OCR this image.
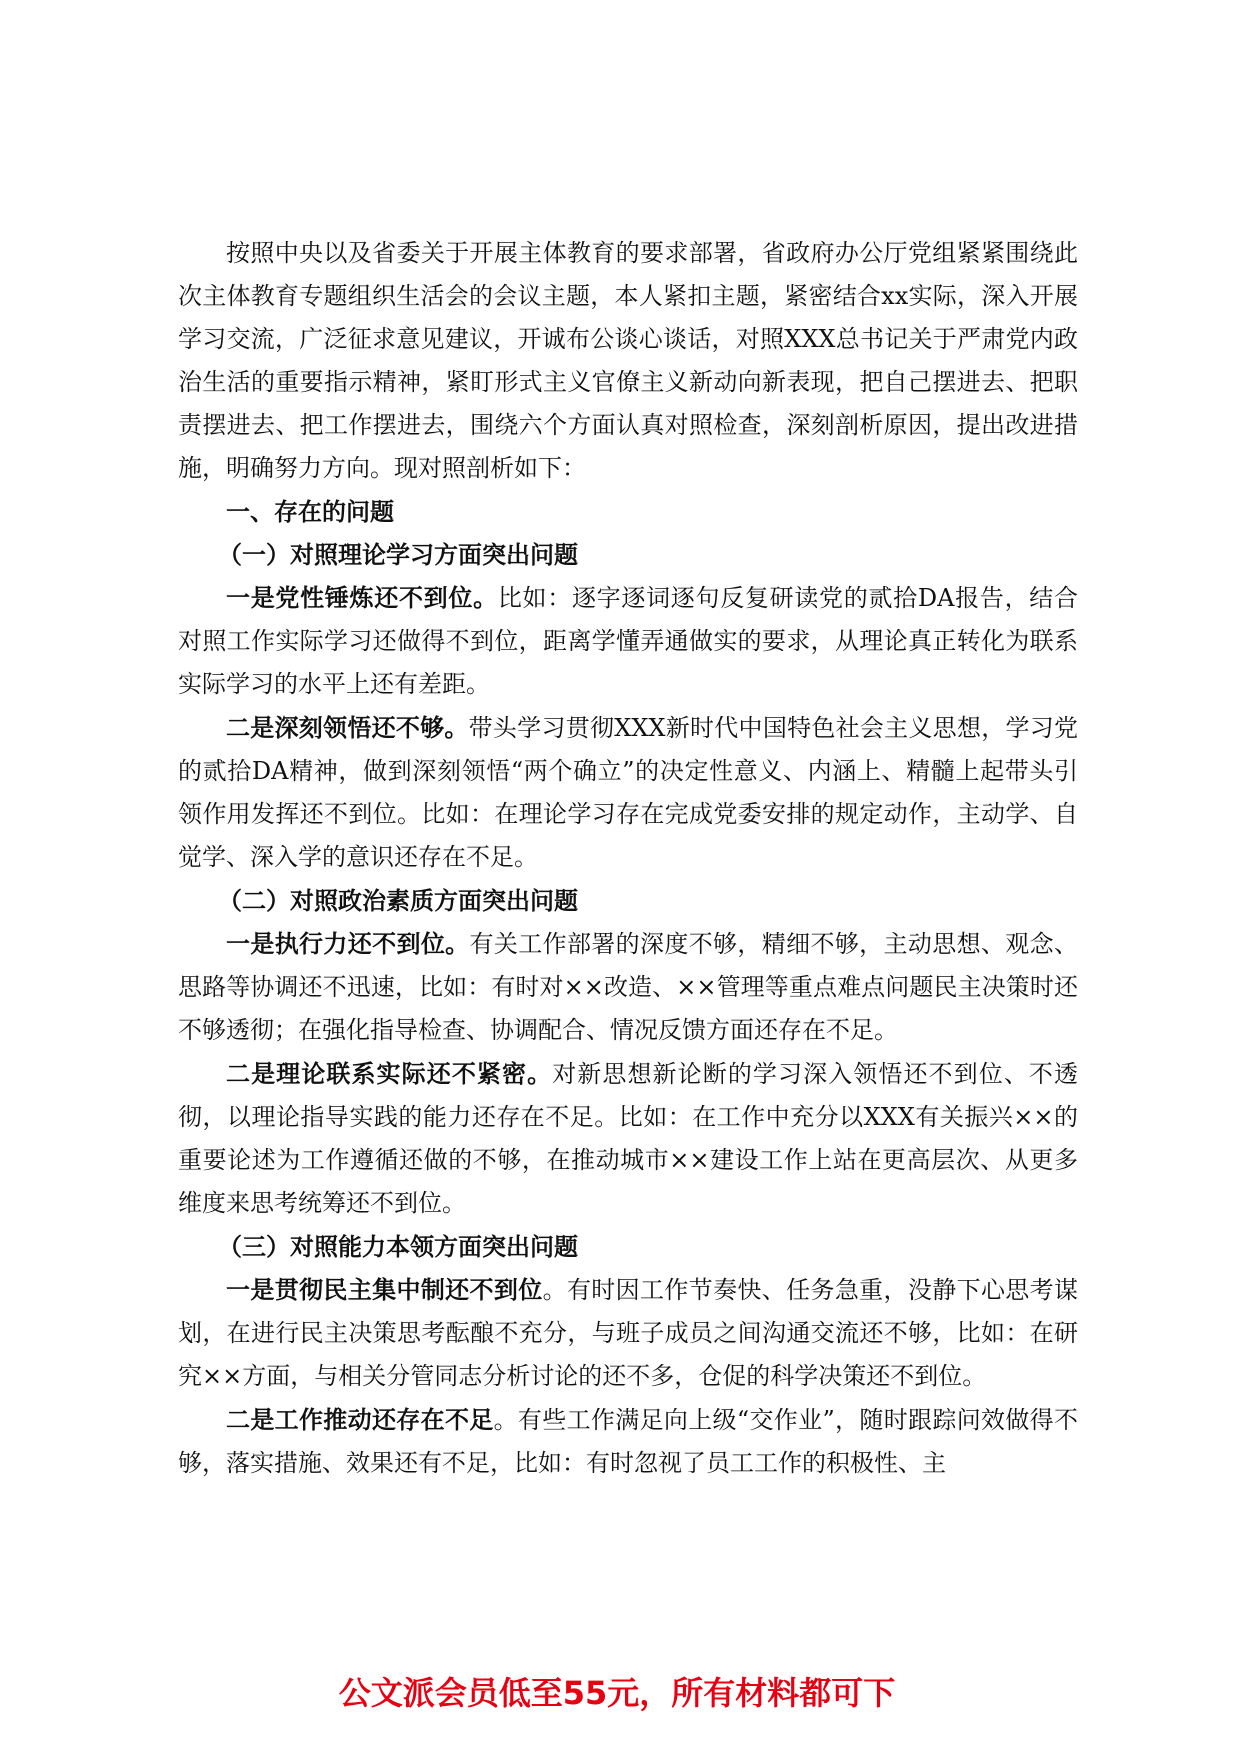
按照中央以及省委关于开展主体教育的要求部署，省政府办公厅党组紧紧围绕此次主体教育专题组织生活会的会议主题，本人紧扣主题，紧密结合xx实际，深入开展学习交流，广泛征求意见建议，开诚布公谈心谈话，对照XXX总书记关于严肃党内政治生活的重要指示精神，紧盯形式主义官僚主义新动向新表现，把自己摆进去、把职责摆进去、把工作摆进去，围绕六个方面认真对照检查，深刻剖析原因，提出改进措施，明确努力方向。现对照剖析如下：

一、存在的问题

（一）对照理论学习方面突出问题

一是党性锤炼还不到位。比如：逐字逐词逐句反复研读党的贰拾DA报告，结合对照工作实际学习还做得不到位，距离学懂弄通做实的要求，从理论真正转化为联系实际学习的水平上还有差距。

二是深刻领悟还不够。带头学习贯彻XXX新时代中国特色社会主义思想，学习党的贰拾DA精神，做到深刻领悟“两个确立”的决定性意义、内涵上、精髓上起带头引领作用发挥还不到位。比如：在理论学习存在完成党委安排的规定动作，主动学、自觉学、深入学的意识还存在不足。

（二）对照政治素质方面突出问题

一是执行力还不到位。有关工作部署的深度不够，精细不够，主动思想、观念、思路等协调还不迅速，比如：有时对××改造、××管理等重点难点问题民主决策时还不够透彻；在强化指导检查、协调配合、情况反馈方面还存在不足。

二是理论联系实际还不紧密。对新思想新论断的学习深入领悟还不到位、不透彻，以理论指导实践的能力还存在不足。比如：在工作中充分以XXX有关振兴××的重要论述为工作遵循还做的不够，在推动城市××建设工作上站在更高层次、从更多维度来思考统筹还不到位。

（三）对照能力本领方面突出问题

一是贯彻民主集中制还不到位。有时因工作节奏快、任务急重，没静下心思考谋划，在进行民主决策思考酝酿不充分，与班子成员之间沟通交流还不够，比如：在研究××方面，与相关分管同志分析讨论的还不多，仓促的科学决策还不到位。

二是工作推动还存在不足。有些工作满足向上级“交作业”，随时跟踪问效做得不够，落实措施、效果还有不足，比如：有时忽视了员工工作的积极性、主

公文派会员低至55元，所有材料都可下
